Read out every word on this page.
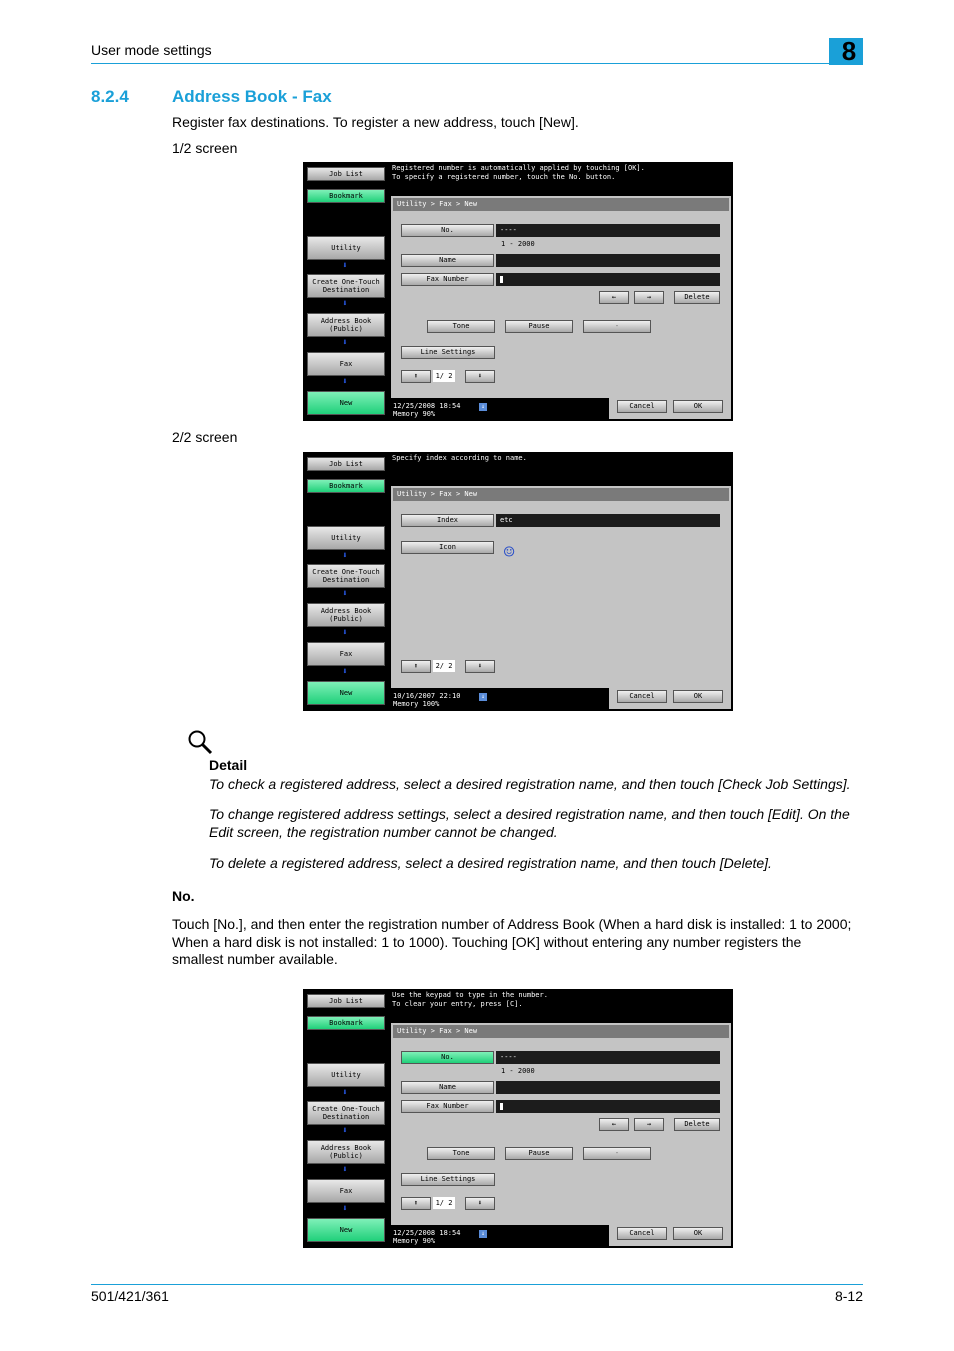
User mode settings	8
8.2.4	Address Book - Fax
Register fax destinations. To register a new address, touch [New].
1/2 screen
Job List
Bookmark
Utility
⬇
Create One-Touch
Destination
⬇
Address Book
(Public)
⬇
Fax
⬇
New
Registered number is automatically applied by touching [OK].
To specify a registered number, touch the No. button.
Utility > Fax > New
No.	----
1 - 2000
Name
Fax Number
←	→	Delete
Tone	Pause	-
Line Settings
⬆	1/ 2	⬇
Cancel	OK
12/25/2008 18:54
Memory 90%
↓
2/2 screen
Job List
Bookmark
Utility
⬇
Create One-Touch
Destination
⬇
Address Book
(Public)
⬇
Fax
⬇
New
Specify index according to name.
Utility > Fax > New
Index	etc
Icon	☺
⬆	2/ 2	⬇
Cancel	OK
10/16/2007 22:10
Memory 100%
↓
Detail
To check a registered address, select a desired registration name, and then touch [Check Job Settings].
To change registered address settings, select a desired registration name, and then touch [Edit]. On the
Edit screen, the registration number cannot be changed.
To delete a registered address, select a desired registration name, and then touch [Delete].
No.
Touch [No.], and then enter the registration number of Address Book (When a hard disk is installed: 1 to 2000;
When a hard disk is not installed: 1 to 1000). Touching [OK] without entering any number registers the
smallest number available.
Job List
Bookmark
Utility
⬇
Create One-Touch
Destination
⬇
Address Book
(Public)
⬇
Fax
⬇
New
Use the keypad to type in the number.
To clear your entry, press [C].
Utility > Fax > New
No.	----
1 - 2000
Name
Fax Number
←	→	Delete
Tone	Pause	-
Line Settings
⬆	1/ 2	⬇
Cancel	OK
12/25/2008 18:54
Memory 90%
↓
501/421/361	8-12
